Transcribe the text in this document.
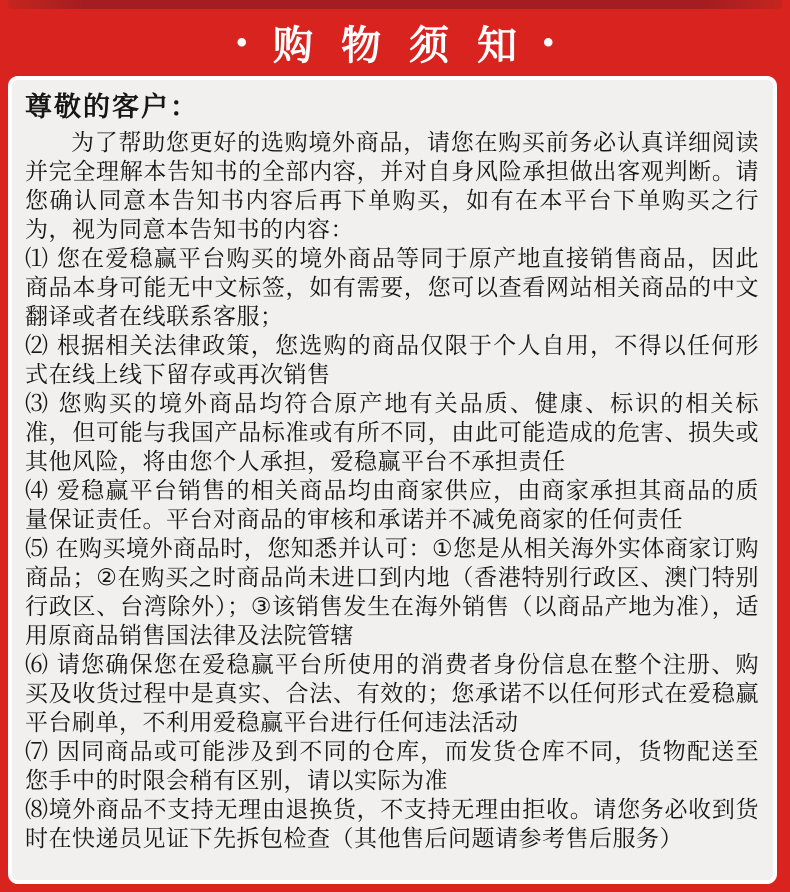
• 购物须知
•
尊敬的客户：

为了帮助您更好的选购境外商品，请您在购买前务必认真详细阅读并完全理解本告知书的全部内容，并对自身风险承担做出客观判断。请您确认同意本告知书内容后再下单购买，如有在本平台下单购买之行为，视为同意本告知书的内容：

⑴ 您在爱稳赢平台购买的境外商品等同于原产地直接销售商品，因此商品本身可能无中文标签，如有需要，您可以查看网站相关商品的中文翻译或者在线联系客服；

⑵ 根据相关法律政策，您选购的商品仅限于个人自用，不得以任何形式在线上线下留存或再次销售

⑶ 您购买的境外商品均符合原产地有关品质、健康、标识的相关标准，但可能与我国产品标准或有所不同，由此可能造成的危害、损失或其他风险，将由您个人承担，爱稳赢平台不承担责任

⑷ 爱稳赢平台销售的相关商品均由商家供应，由商家承担其商品的质量保证责任。平台对商品的审核和承诺并不减免商家的任何责任

⑸ 在购买境外商品时，您知悉并认可：①您是从相关海外实体商家订购商品；②在购买之时商品尚未进口到内地（香港特别行政区、澳门特别行政区、台湾除外）；③该销售发生在海外销售（以商品产地为准），适用原商品销售国法律及法院管辖

⑹ 请您确保您在爱稳赢平台所使用的消费者身份信息在整个注册、购买及收货过程中是真实、合法、有效的；您承诺不以任何形式在爱稳赢平台刷单，不利用爱稳赢平台进行任何违法活动

⑺ 因同商品或可能涉及到不同的仓库，而发货仓库不同，货物配送至您手中的时限会稍有区别，请以实际为准

⑻境外商品不支持无理由退换货，不支持无理由拒收。请您务必收到货时在快递员见证下先拆包检查（其他售后问题请参考售后服务）
